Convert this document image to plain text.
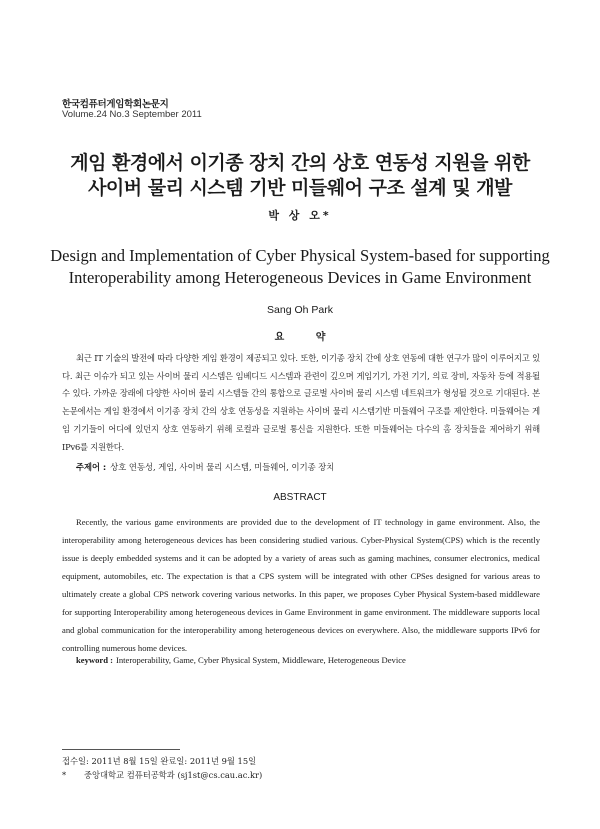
한국컴퓨터게임학회논문지
Volume.24 No.3 September 2011
게임 환경에서 이기종 장치 간의 상호 연동성 지원을 위한
사이버 물리 시스템 기반 미들웨어 구조 설계 및 개발
박 상 오*
Design and Implementation of Cyber Physical System-based for supporting
Interoperability among Heterogeneous Devices in Game Environment
Sang Oh Park
요 약
최근 IT 기술의 발전에 따라 다양한 게임 환경이 제공되고 있다. 또한, 이기종 장치 간에 상호 연동에 대한 연구가 많이 이루어지고 있다. 최근 이슈가 되고 있는 사이버 물리 시스템은 임베디드 시스템과 관련이 깊으며 게임기기, 가전 기기, 의료 장비, 자동차 등에 적용될 수 있다. 가까운 장래에 다양한 사이버 물리 시스템들 간의 통합으로 글로벌 사이버 물리 시스템 네트워크가 형성될 것으로 기대된다. 본 논문에서는 게임 환경에서 이기종 장치 간의 상호 연동성을 지원하는 사이버 물리 시스템기반 미들웨어 구조를 제안한다. 미들웨어는 게임 기기들이 어디에 있던지 상호 연동하기 위해 로컬과 글로벌 통신을 지원한다. 또한 미들웨어는 다수의 홈 장치들을 제어하기 위해 IPv6를 지원한다.
주제어 : 상호 연동성, 게임, 사이버 물리 시스템, 미들웨어, 이기종 장치
ABSTRACT
Recently, the various game environments are provided due to the development of IT technology in game environment. Also, the interoperability among heterogeneous devices has been considering studied various. Cyber-Physical System(CPS) which is the recently issue is deeply embedded systems and it can be adopted by a variety of areas such as gaming machines, consumer electronics, medical equipment, automobiles, etc. The expectation is that a CPS system will be integrated with other CPSes designed for various areas to ultimately create a global CPS network covering various networks. In this paper, we proposes Cyber Physical System-based middleware for supporting Interoperability among heterogeneous devices in Game Environment in game environment. The middleware supports local and global communication for the interoperability among heterogeneous devices on everywhere. Also, the middleware supports IPv6 for controlling numerous home devices.
keyword : Interoperability, Game, Cyber Physical System, Middleware, Heterogeneous Device
접수일: 2011년 8월 15일 완료일: 2011년 9월 15일
* 중앙대학교 컴퓨터공학과 (sj1st@cs.cau.ac.kr)
